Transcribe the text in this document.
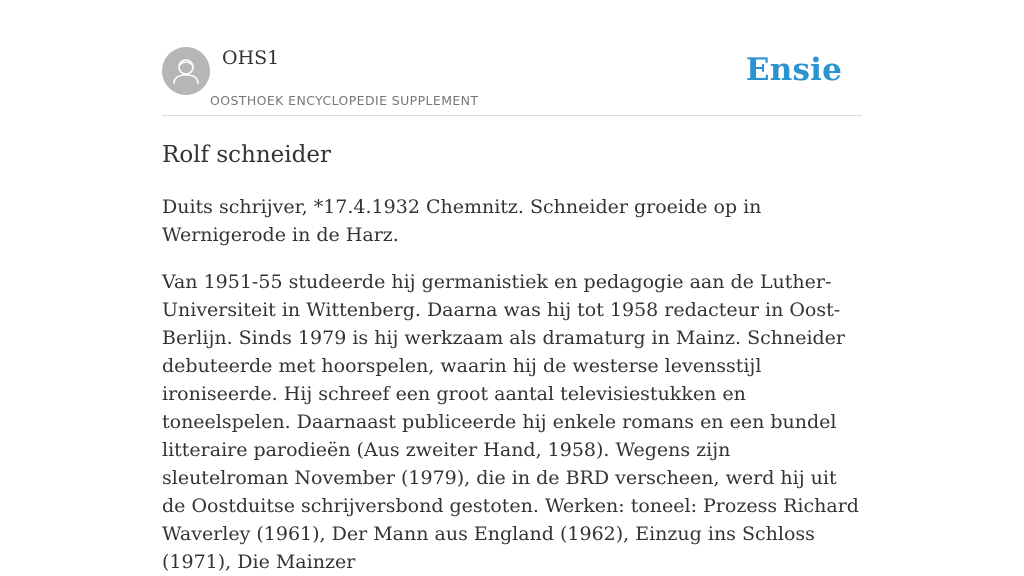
OHS1
OOSTHOEK ENCYCLOPEDIE SUPPLEMENT
Ensie
Rolf schneider

Duits schrijver, *17.4.1932 Chemnitz. Schneider groeide op in Wernigerode in de Harz.

Van 1951-55 studeerde hij germanistiek en pedagogie aan de Luther-Universiteit in Wittenberg. Daarna was hij tot 1958 redacteur in Oost-Berlijn. Sinds 1979 is hij werkzaam als dramaturg in Mainz. Schneider debuteerde met hoorspelen, waarin hij de westerse levensstijl ironiseerde. Hij schreef een groot aantal televisiestukken en toneelspelen. Daarnaast publiceerde hij enkele romans en een bundel litteraire parodieën (Aus zweiter Hand, 1958). Wegens zijn sleutelroman November (1979), die in de BRD verscheen, werd hij uit de Oostduitse schrijversbond gestoten. Werken: toneel: Prozess Richard Waverley (1961), Der Mann aus England (1962), Einzug ins Schloss (1971), Die Mainzer
